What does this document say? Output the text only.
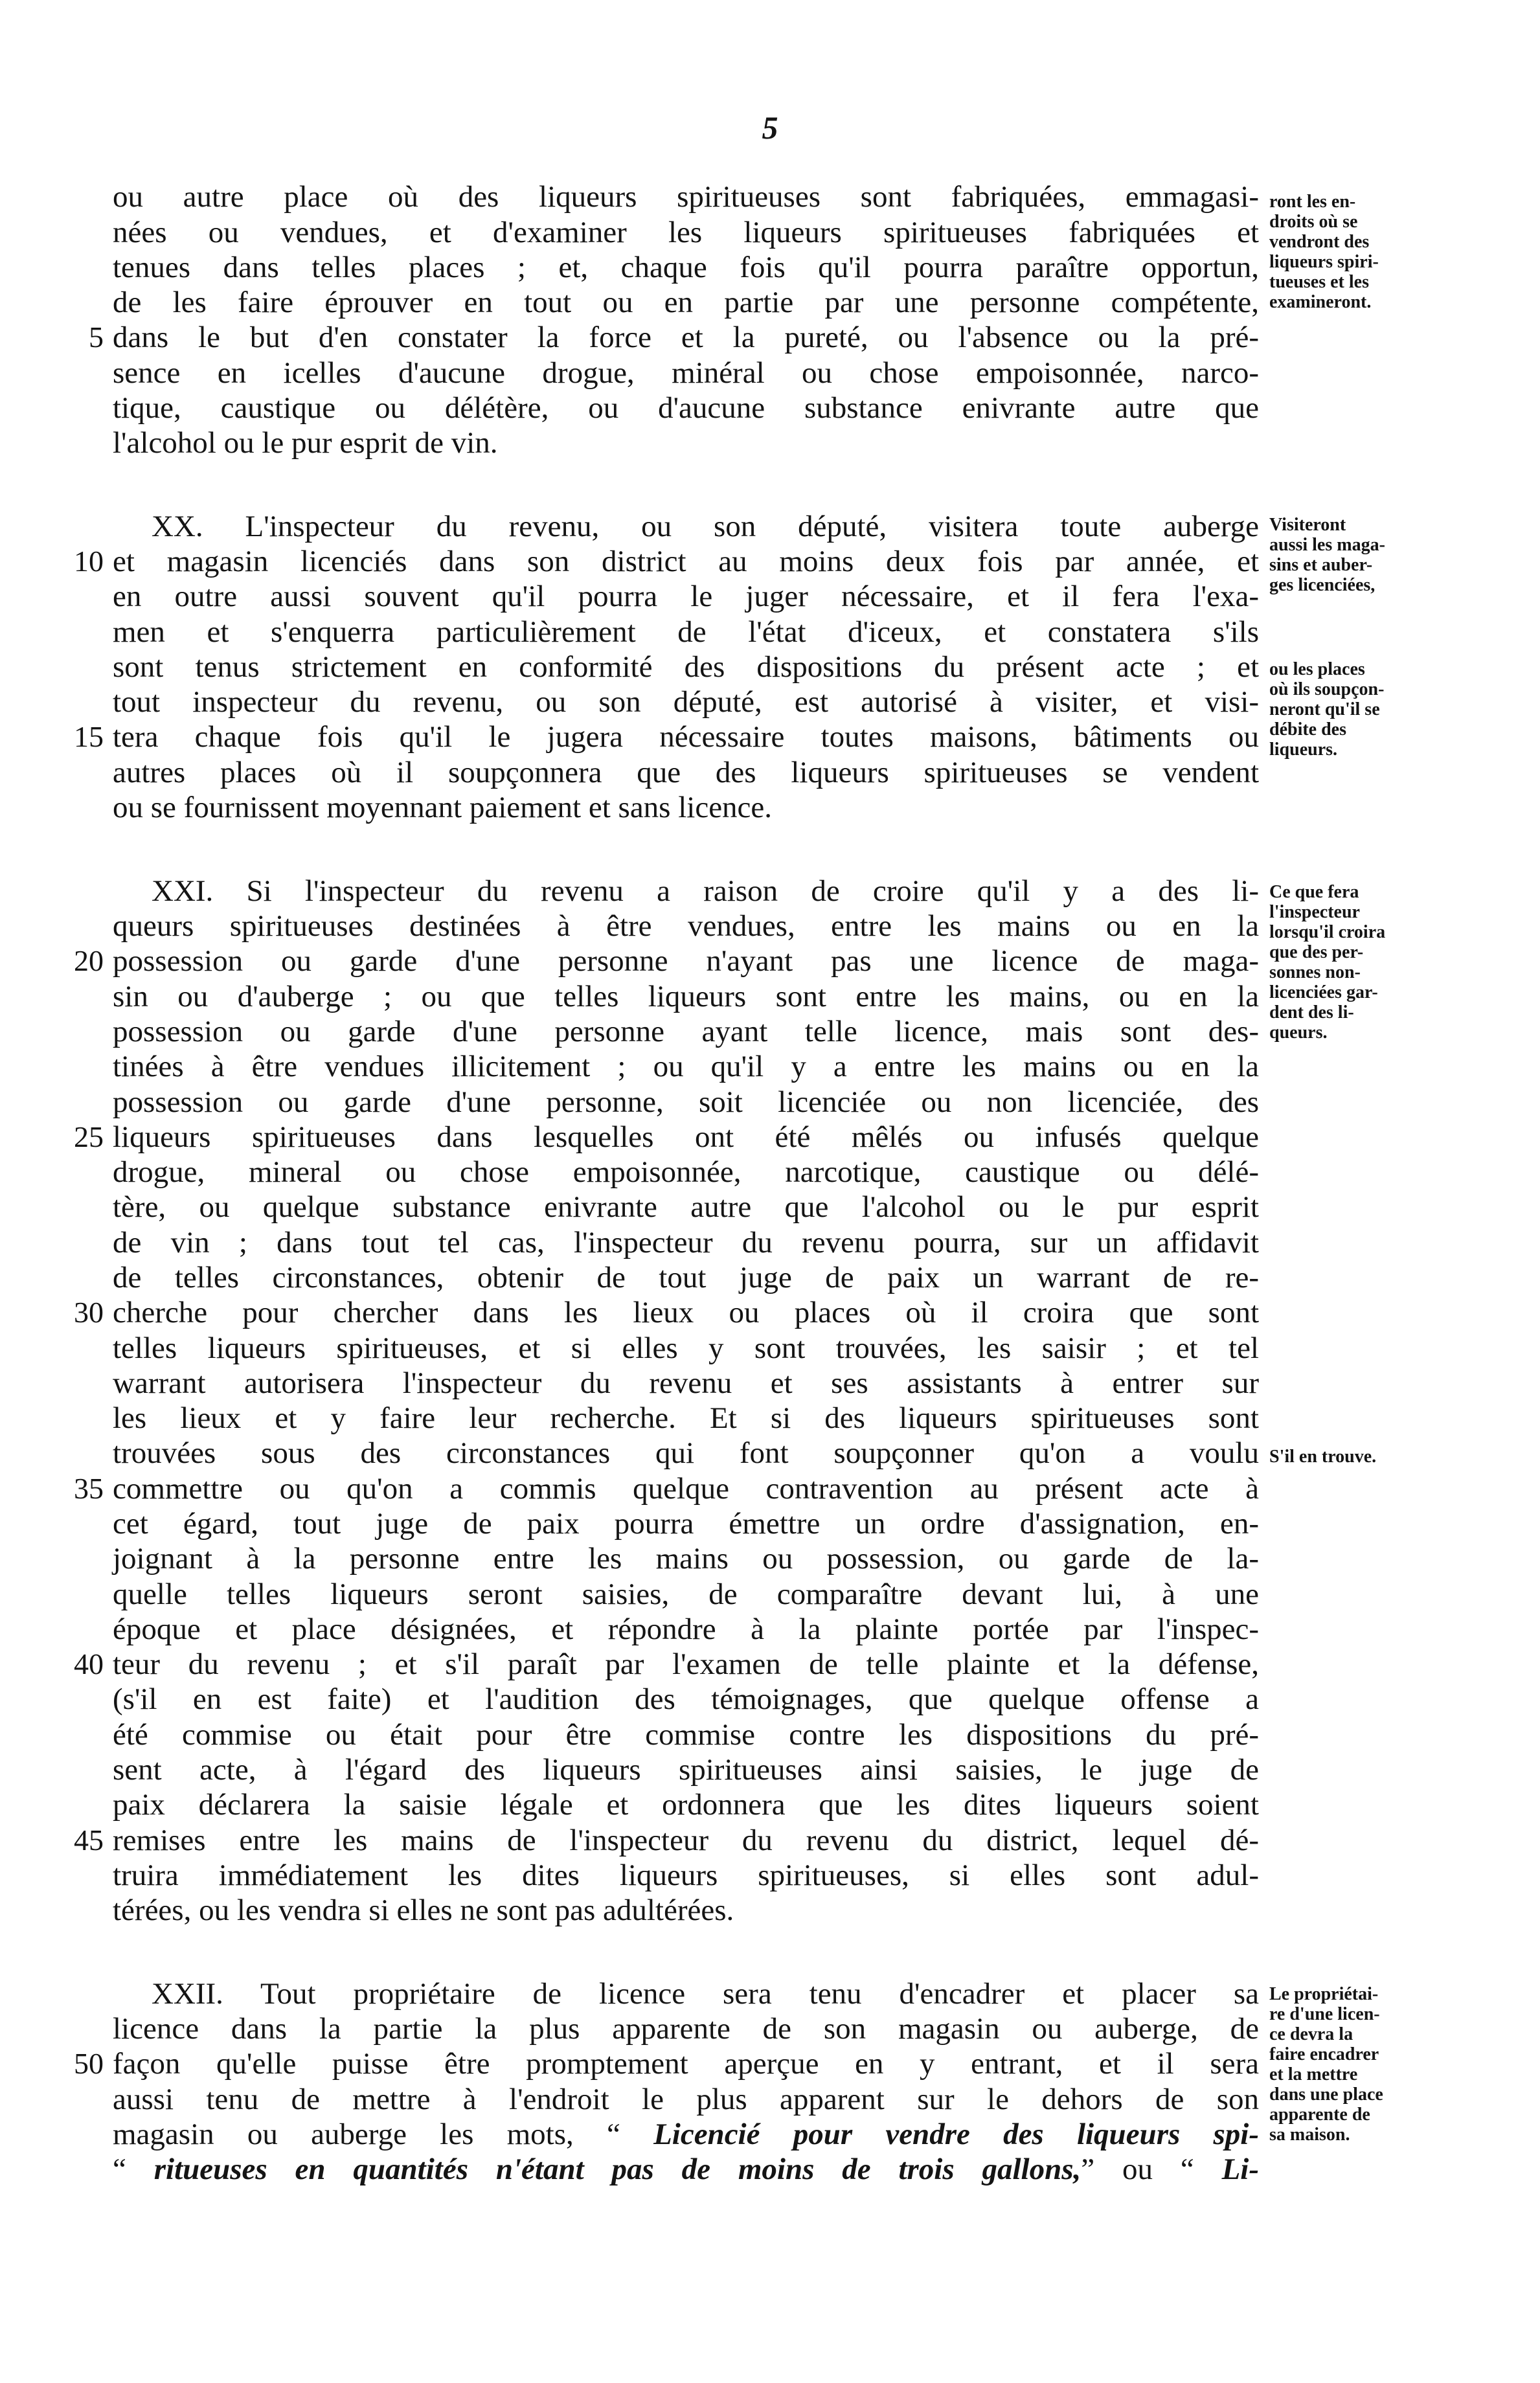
5
ou autre place où des liqueurs spiritueuses sont fabriquées, emmagasi-
nées ou vendues, et d'examiner les liqueurs spiritueuses fabriquées et
tenues dans telles places ; et, chaque fois qu'il pourra paraître opportun,
de les faire éprouver en tout ou en partie par une personne compétente,
dans le but d'en constater la force et la pureté, ou l'absence ou la pré-
sence en icelles d'aucune drogue, minéral ou chose empoisonnée, narco-
tique, caustique ou délétère, ou d'aucune substance enivrante autre que
l'alcohol ou le pur esprit de vin.
XX. L'inspecteur du revenu, ou son député, visitera toute auberge
et magasin licenciés dans son district au moins deux fois par année, et
en outre aussi souvent qu'il pourra le juger nécessaire, et il fera l'exa-
men et s'enquerra particulièrement de l'état d'iceux, et constatera s'ils
sont tenus strictement en conformité des dispositions du présent acte ; et
tout inspecteur du revenu, ou son député, est autorisé à visiter, et visi-
tera chaque fois qu'il le jugera nécessaire toutes maisons, bâtiments ou
autres places où il soupçonnera que des liqueurs spiritueuses se vendent
ou se fournissent moyennant paiement et sans licence.
XXI. Si l'inspecteur du revenu a raison de croire qu'il y a des li-
queurs spiritueuses destinées à être vendues, entre les mains ou en la
possession ou garde d'une personne n'ayant pas une licence de maga-
sin ou d'auberge ; ou que telles liqueurs sont entre les mains, ou en la
possession ou garde d'une personne ayant telle licence, mais sont des-
tinées à être vendues illicitement ; ou qu'il y a entre les mains ou en la
possession ou garde d'une personne, soit licenciée ou non licenciée, des
liqueurs spiritueuses dans lesquelles ont été mêlés ou infusés quelque
drogue, mineral ou chose empoisonnée, narcotique, caustique ou délé-
tère, ou quelque substance enivrante autre que l'alcohol ou le pur esprit
de vin ; dans tout tel cas, l'inspecteur du revenu pourra, sur un affidavit
de telles circonstances, obtenir de tout juge de paix un warrant de re-
cherche pour chercher dans les lieux ou places où il croira que sont
telles liqueurs spiritueuses, et si elles y sont trouvées, les saisir ; et tel
warrant autorisera l'inspecteur du revenu et ses assistants à entrer sur
les lieux et y faire leur recherche. Et si des liqueurs spiritueuses sont
trouvées sous des circonstances qui font soupçonner qu'on a voulu
commettre ou qu'on a commis quelque contravention au présent acte à
cet égard, tout juge de paix pourra émettre un ordre d'assignation, en-
joignant à la personne entre les mains ou possession, ou garde de la-
quelle telles liqueurs seront saisies, de comparaître devant lui, à une
époque et place désignées, et répondre à la plainte portée par l'inspec-
teur du revenu ; et s'il paraît par l'examen de telle plainte et la défense,
(s'il en est faite) et l'audition des témoignages, que quelque offense a
été commise ou était pour être commise contre les dispositions du pré-
sent acte, à l'égard des liqueurs spiritueuses ainsi saisies, le juge de
paix déclarera la saisie légale et ordonnera que les dites liqueurs soient
remises entre les mains de l'inspecteur du revenu du district, lequel dé-
truira immédiatement les dites liqueurs spiritueuses, si elles sont adul-
térées, ou les vendra si elles ne sont pas adultérées.
XXII. Tout propriétaire de licence sera tenu d'encadrer et placer sa
licence dans la partie la plus apparente de son magasin ou auberge, de
façon qu'elle puisse être promptement aperçue en y entrant, et il sera
aussi tenu de mettre à l'endroit le plus apparent sur le dehors de son
magasin ou auberge les mots, “ Licencié pour vendre des liqueurs spi-
“ ritueuses en quantités n'étant pas de moins de trois gallons,” ou “ Li-
5
10
15
20
25
30
35
40
45
50
ront les en-
droits où se
vendront des
liqueurs spiri-
tueuses et les
examineront.
Visiteront
aussi les maga-
sins et auber-
ges licenciées,
ou les places
où ils soupçon-
neront qu'il se
débite des
liqueurs.
Ce que fera
l'inspecteur
lorsqu'il croira
que des per-
sonnes non-
licenciées gar-
dent des li-
queurs.
S'il en trouve.
Le propriétai-
re d'une licen-
ce devra la
faire encadrer
et la mettre
dans une place
apparente de
sa maison.
